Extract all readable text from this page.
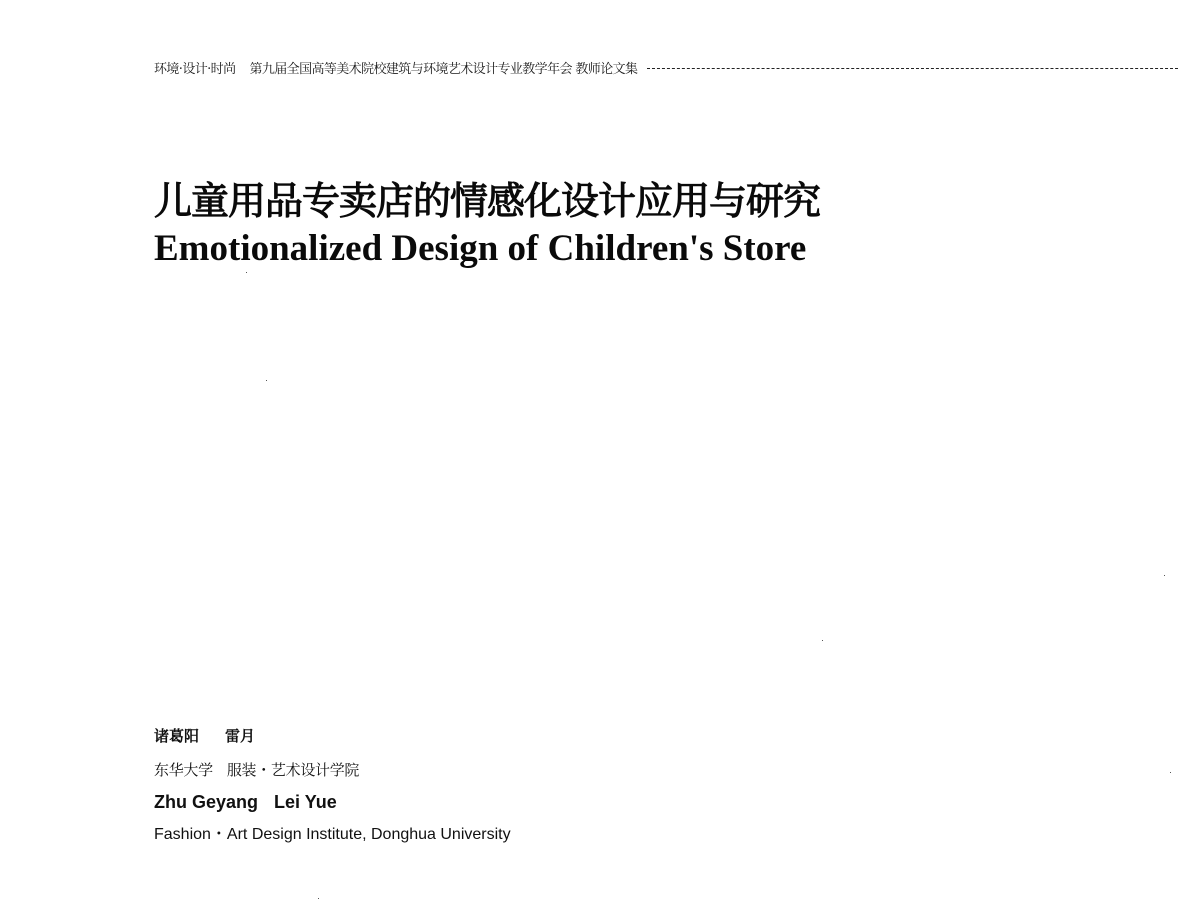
环境·设计·时尚 第九届全国高等美术院校建筑与环境艺术设计专业教学年会 教师论文集
儿童用品专卖店的情感化设计应用与研究
Emotionalized Design of Children's Store
诸葛阳 雷月
东华大学 服装・艺术设计学院
Zhu Geyang Lei Yue
Fashion・Art Design Institute, Donghua University
